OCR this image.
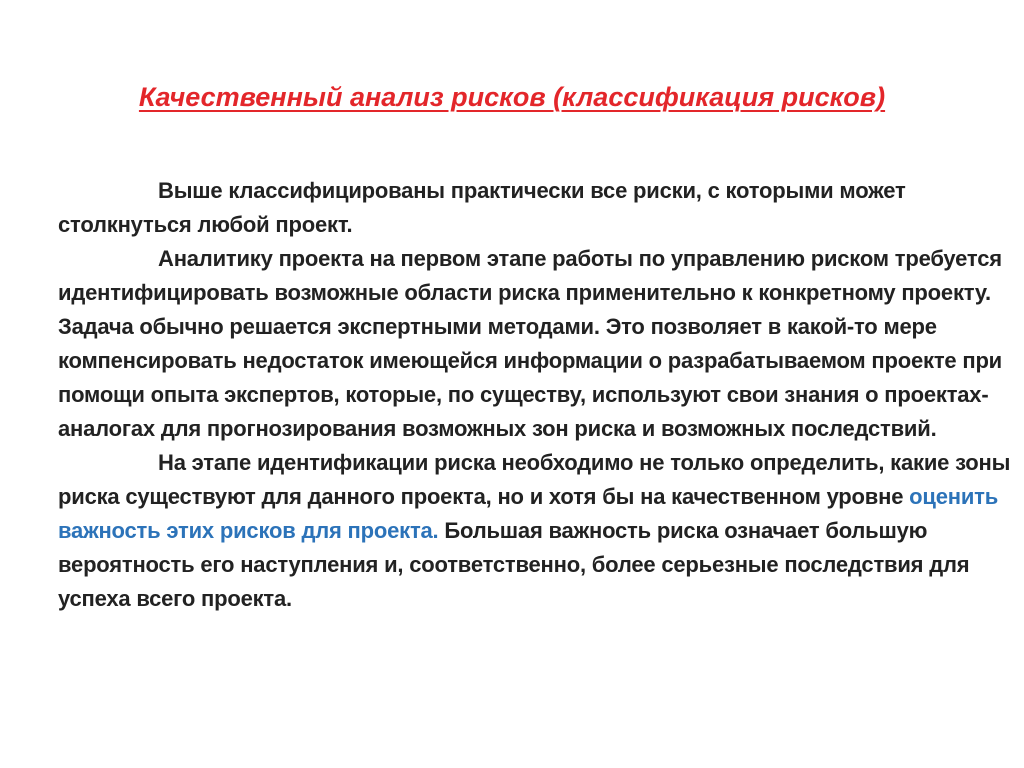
Качественный анализ рисков (классификация рисков)

Выше классифицированы практически все риски, с которыми может столкнуться любой проект.

Аналитику проекта на первом этапе работы по управлению риском требуется идентифицировать возможные области риска применительно к конкретному проекту. Задача обычно решается экспертными методами. Это позволяет в какой-то мере компенсировать недостаток имеющейся информации о разрабатываемом проекте при помощи опыта экспертов, которые, по существу, используют свои знания о проектах-аналогах для прогнозирования возможных зон риска и возможных последствий.

На этапе идентификации риска необходимо не только определить, какие зоны риска существуют для данного проекта, но и хотя бы на качественном уровне оценить важность этих рисков для проекта. Большая важность риска означает большую вероятность его наступления и, соответственно, более серьезные последствия для успеха всего проекта.
